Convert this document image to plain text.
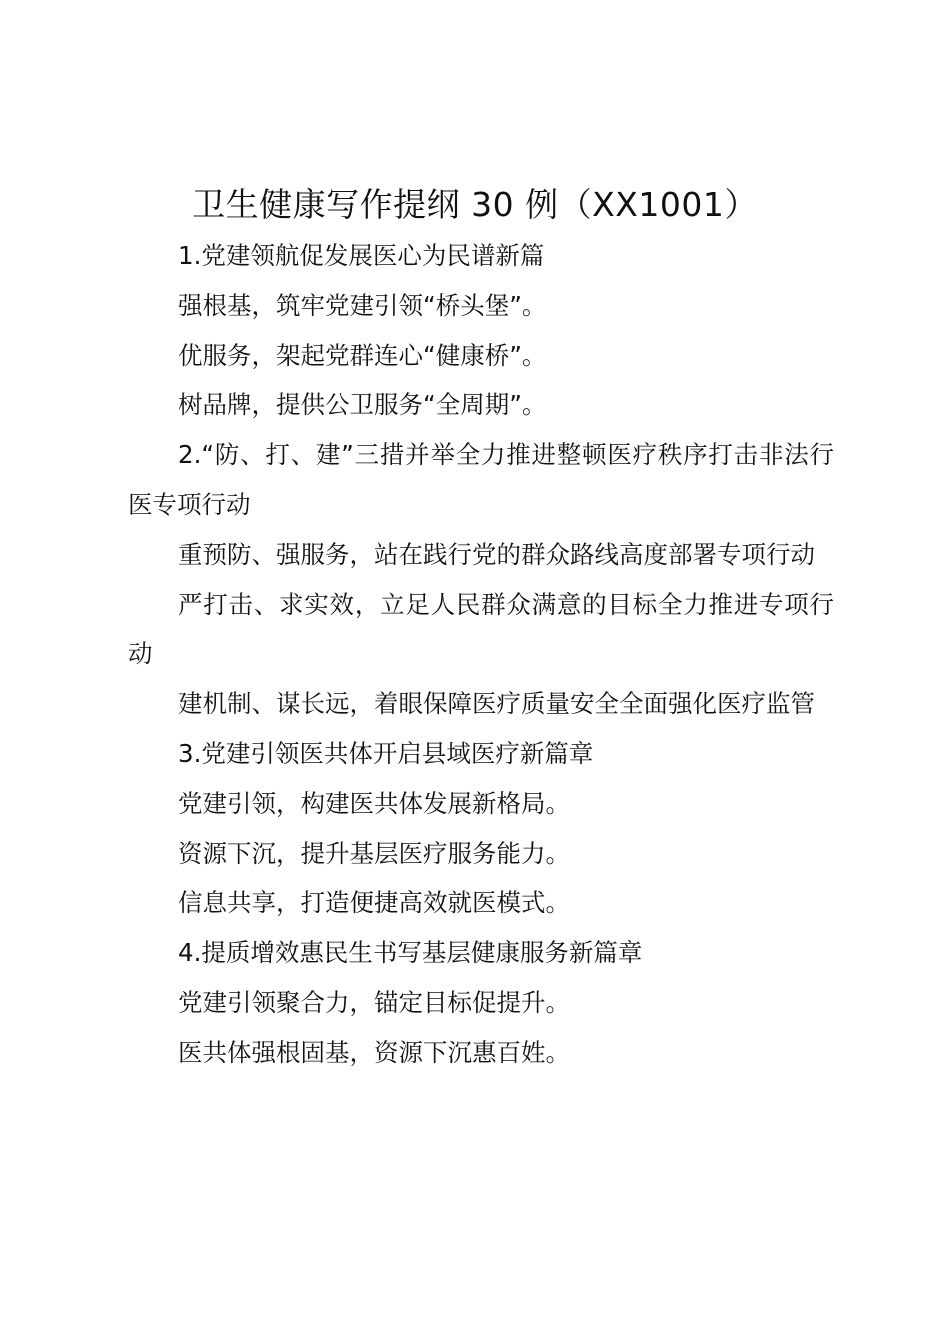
卫生健康写作提纲 30 例（XX1001）

1.党建领航促发展医心为民谱新篇

强根基，筑牢党建引领“桥头堡”。

优服务，架起党群连心“健康桥”。

树品牌，提供公卫服务“全周期”。

2.“防、打、建”三措并举全力推进整顿医疗秩序打击非法行医专项行动

重预防、强服务，站在践行党的群众路线高度部署专项行动

严打击、求实效，立足人民群众满意的目标全力推进专项行动

建机制、谋长远，着眼保障医疗质量安全全面强化医疗监管

3.党建引领医共体开启县域医疗新篇章

党建引领，构建医共体发展新格局。

资源下沉，提升基层医疗服务能力。

信息共享，打造便捷高效就医模式。

4.提质增效惠民生书写基层健康服务新篇章

党建引领聚合力，锚定目标促提升。

医共体强根固基，资源下沉惠百姓。
